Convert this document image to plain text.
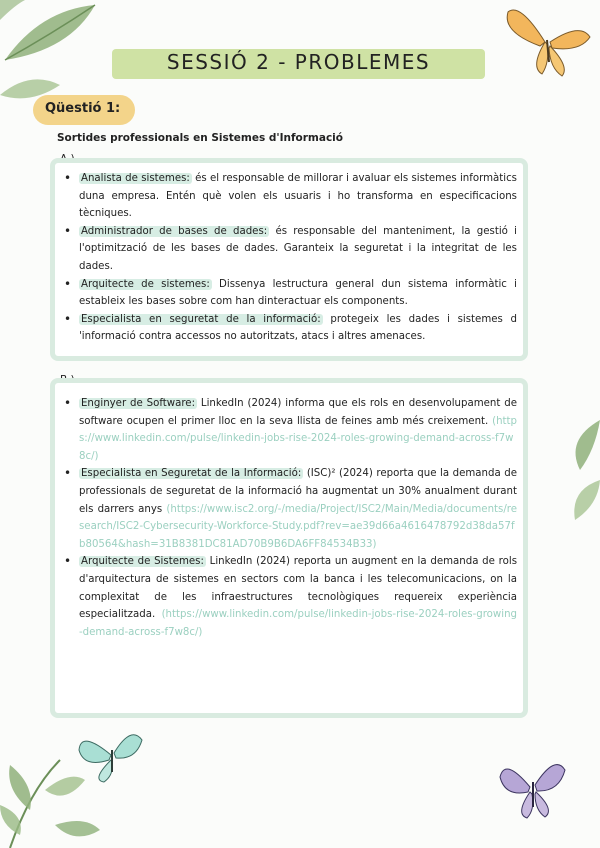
SESSIÓ 2 - PROBLEMES
Qüestió 1:
Sortides professionals en Sistemes d'Informació
• Analista de sistemes: és el responsable de millorar i avaluar els sistemes informàtics duna empresa. Entén què volen els usuaris i ho transforma en especificacions tècniques.
• Administrador de bases de dades: és responsable del manteniment, la gestió i l'optimització de les bases de dades. Garanteix la seguretat i la integritat de les dades.
• Arquitecte de sistemes: Dissenya lestructura general dun sistema informàtic i estableix les bases sobre com han dinteractuar els components.
• Especialista en seguretat de la informació: protegeix les dades i sistemes d 'informació contra accessos no autoritzats, atacs i altres amenaces.
• Enginyer de Software: LinkedIn (2024) informa que els rols en desenvolupament de software ocupen el primer lloc en la seva llista de feines amb més creixement. (https://www.linkedin.com/pulse/linkedin-jobs-rise-2024-roles-growing-demand-across-f7w8c/)
• Especialista en Seguretat de la Informació: (ISC)² (2024) reporta que la demanda de professionals de seguretat de la informació ha augmentat un 30% anualment durant els darrers anys (https://www.isc2.org/-/media/Project/ISC2/Main/Media/documents/research/ISC2-Cybersecurity-Workforce-Study.pdf?rev=ae39d66a4616478792d38da57fb80564&hash=31B8381DC81AD70B9B6DA6FF84534B33)
• Arquitecte de Sistemes: LinkedIn (2024) reporta un augment en la demanda de rols d'arquitectura de sistemes en sectors com la banca i les telecomunicacions, on la complexitat de les infraestructures tecnològiques requereix experiència especialitzada. (https://www.linkedin.com/pulse/linkedin-jobs-rise-2024-roles-growing-demand-across-f7w8c/)
